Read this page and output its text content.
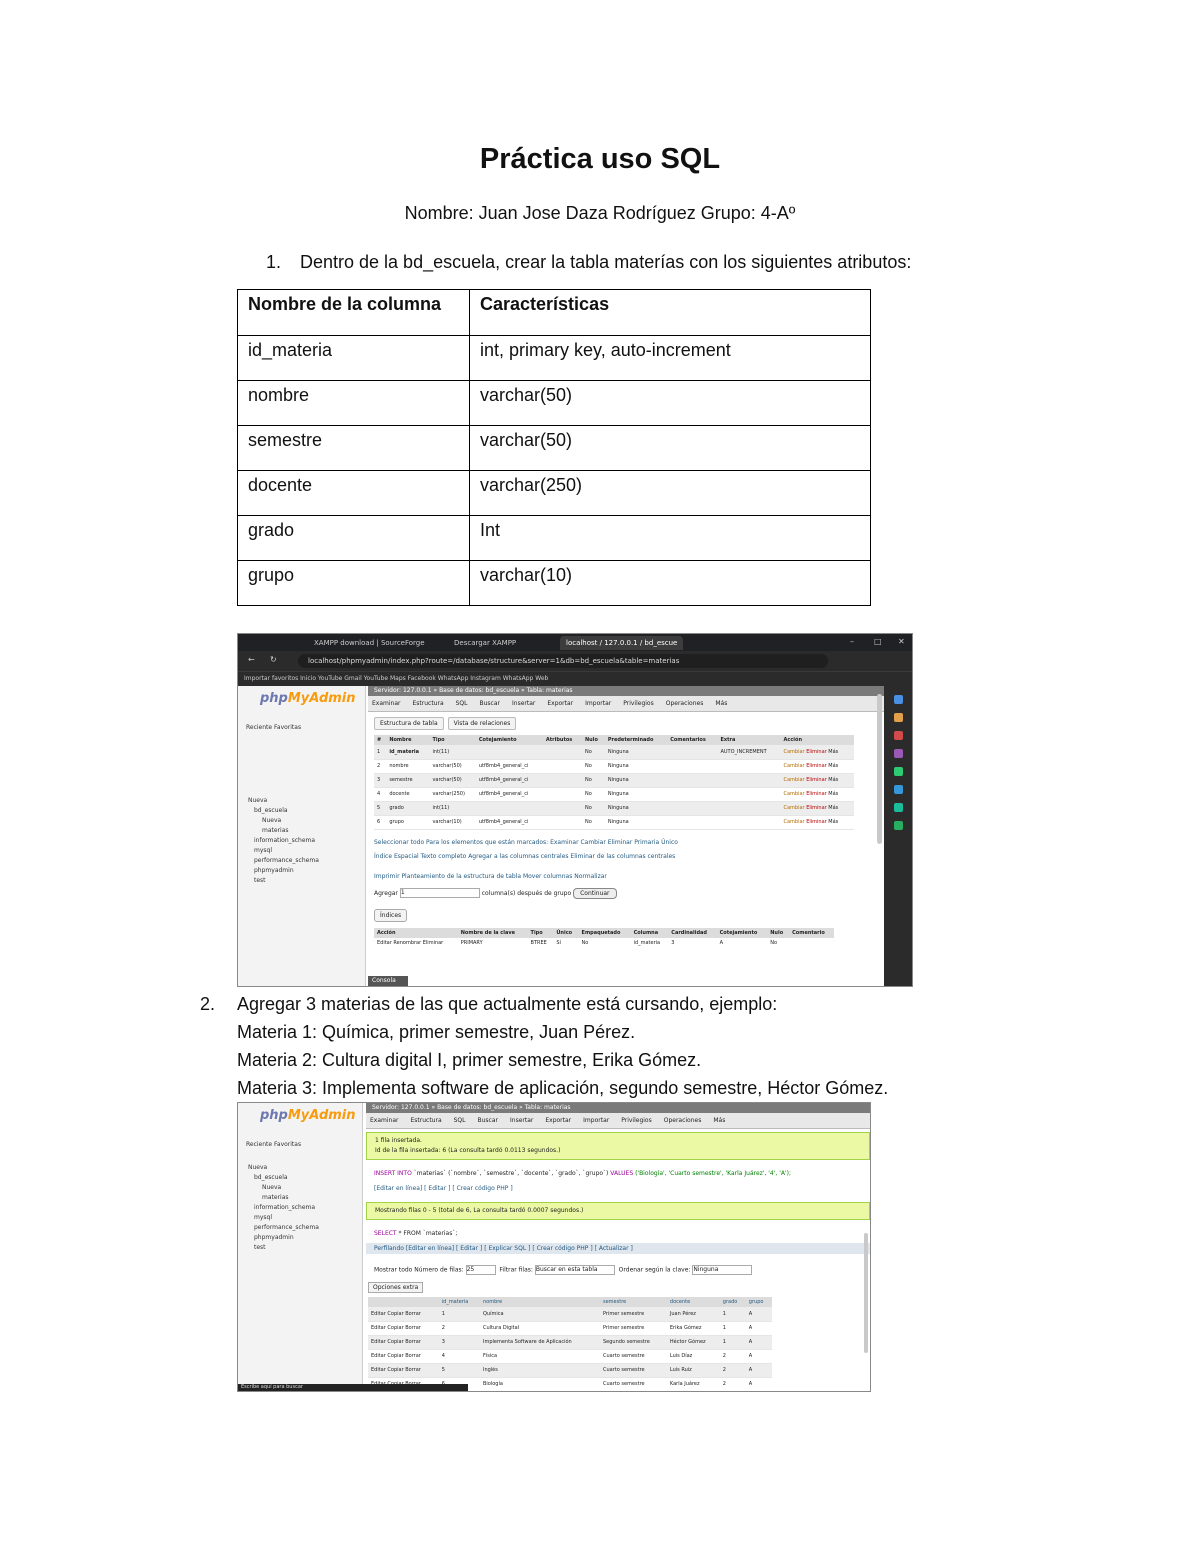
Práctica uso SQL
Nombre: Juan Jose Daza Rodríguez Grupo: 4-Aº
1. Dentro de la bd_escuela, crear la tabla materías con los siguientes atributos:
Nombre de la columna	Características
id_materia	int, primary key, auto-increment
nombre	varchar(50)
semestre	varchar(50)
docente	varchar(250)
grado	Int
grupo	varchar(10)
XAMPP download | SourceForge	Descargar XAMPP	localhost / 127.0.0.1 / bd_escue	–	□ ✕
← ↻	localhost/phpmyadmin/index.php?route=/database/structure&server=1&db=bd_escuela&table=materias
Importar favoritos Inicio YouTube Gmail YouTube Maps Facebook WhatsApp Instagram WhatsApp Web
phpMyAdmin
Reciente Favoritas
Nueva
bd_escuela
Nueva
materias
information_schema
mysql
performance_schema
phpmyadmin
test
Servidor: 127.0.0.1 » Base de datos: bd_escuela » Tabla: materias
Examinar Estructura SQL Buscar Insertar Exportar Importar Privilegios Operaciones Más
Estructura de tabla	Vista de relaciones
#	Nombre	Tipo	Cotejamiento	Atributos	Nulo	Predeterminado	Comentarios	Extra	Acción
1	id_materia	int(11)			No	Ninguna		AUTO_INCREMENT	Cambiar Eliminar Más
2	nombre	varchar(50)	utf8mb4_general_ci		No	Ninguna			Cambiar Eliminar Más
3	semestre	varchar(50)	utf8mb4_general_ci		No	Ninguna			Cambiar Eliminar Más
4	docente	varchar(250)	utf8mb4_general_ci		No	Ninguna			Cambiar Eliminar Más
5	grado	int(11)			No	Ninguna			Cambiar Eliminar Más
6	grupo	varchar(10)	utf8mb4_general_ci		No	Ninguna			Cambiar Eliminar Más
Seleccionar todo Para los elementos que están marcados: Examinar Cambiar Eliminar Primaria Único
Índice Espacial Texto completo Agregar a las columnas centrales Eliminar de las columnas centrales
Imprimir Planteamiento de la estructura de tabla Mover columnas Normalizar
Agregar 1	columna(s) después de grupo Continuar
Índices
Acción	Nombre de la clave	Tipo	Único	Empaquetado	Columna	Cardinalidad	Cotejamiento	Nulo	Comentario
Editar Renombrar Eliminar	PRIMARY	BTREE	Sí	No	id_materia	3	A	No	
Consola
2. Agregar 3 materias de las que actualmente está cursando, ejemplo:
Materia 1: Química, primer semestre, Juan Pérez.
Materia 2: Cultura digital I, primer semestre, Erika Gómez.
Materia 3: Implementa software de aplicación, segundo semestre, Héctor Gómez.
phpMyAdmin
Reciente Favoritas
Nueva
bd_escuela
Nueva
materias
information_schema
mysql
performance_schema
phpmyadmin
test
Servidor: 127.0.0.1 » Base de datos: bd_escuela » Tabla: materias
Examinar Estructura SQL Buscar Insertar Exportar Importar Privilegios Operaciones Más
1 fila insertada.
Id de la fila insertada: 6 (La consulta tardó 0.0113 segundos.)
INSERT INTO `materias` (`nombre`, `semestre`, `docente`, `grado`, `grupo`) VALUES ('Biología', 'Cuarto semestre', 'Karla Juárez', '4', 'A');
[Editar en línea] [ Editar ] [ Crear código PHP ]
Mostrando filas 0 - 5 (total de 6, La consulta tardó 0.0007 segundos.)
SELECT * FROM `materias`;
Perfilando [Editar en línea] [ Editar ] [ Explicar SQL ] [ Crear código PHP ] [ Actualizar ]
Mostrar todo Número de filas: 25	Filtrar filas: Buscar en esta tabla	Ordenar según la clave: Ninguna
Opciones extra
	id_materia	nombre	semestre	docente	grado	grupo
Editar Copiar Borrar	1	Química	Primer semestre	Juan Pérez	1	A
Editar Copiar Borrar	2	Cultura Digital	Primer semestre	Erika Gómez	1	A
Editar Copiar Borrar	3	Implementa Software de Aplicación	Segundo semestre	Héctor Gómez	1	A
Editar Copiar Borrar	4	Física	Cuarto semestre	Luis Díaz	2	A
Editar Copiar Borrar	5	Inglés	Cuarto semestre	Luis Ruiz	2	A
		Biología	Cuarto semestre	Karla Juárez	2	A
Escribe aquí para buscar
